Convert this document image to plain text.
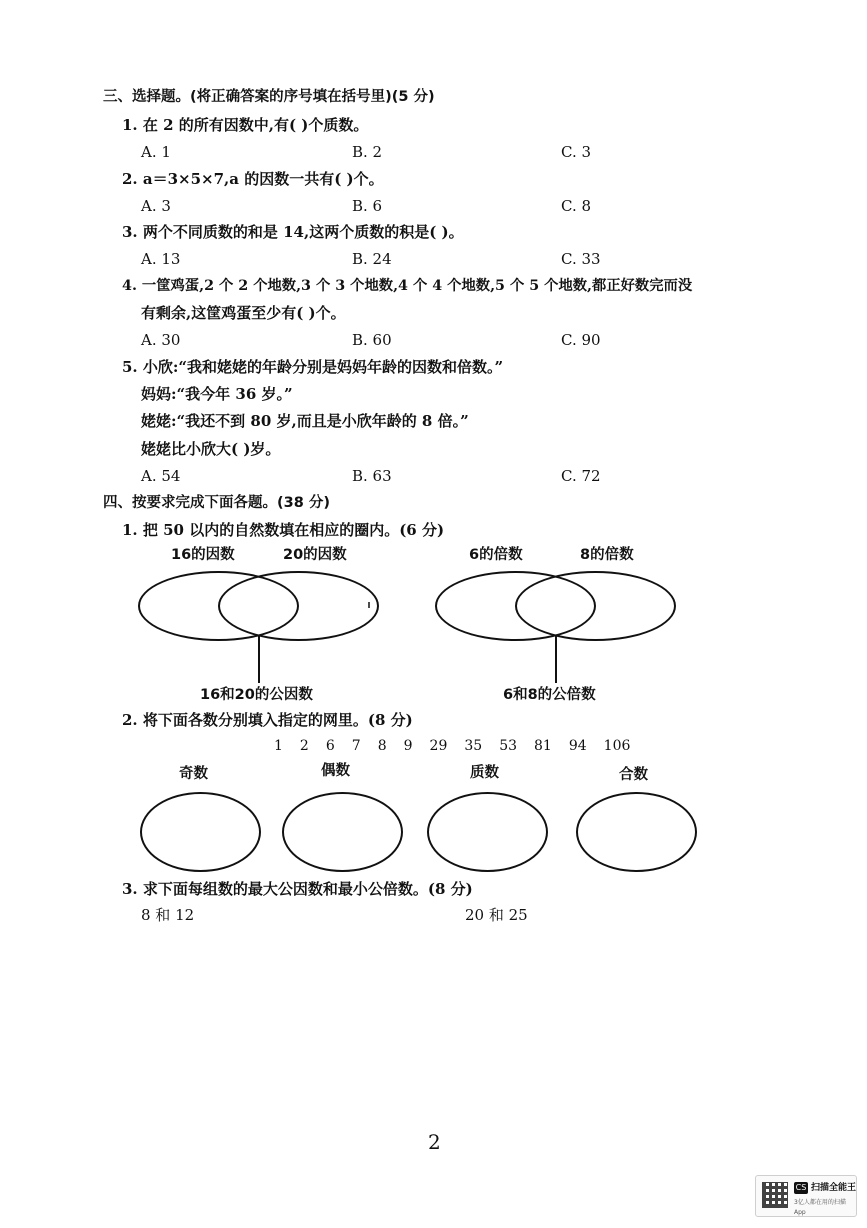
三、选择题。(将正确答案的序号填在括号里)(5 分)
1. 在 2 的所有因数中,有( )个质数。
A. 1	B. 2	C. 3
2. a＝3×5×7,a 的因数一共有( )个。
A. 3	B. 6	C. 8
3. 两个不同质数的和是 14,这两个质数的积是( )。
A. 13	B. 24	C. 33
4. 一筐鸡蛋,2 个 2 个地数,3 个 3 个地数,4 个 4 个地数,5 个 5 个地数,都正好数完而没
有剩余,这筐鸡蛋至少有( )个。
A. 30	B. 60	C. 90
5. 小欣:“我和姥姥的年龄分别是妈妈年龄的因数和倍数。”
妈妈:“我今年 36 岁。”
姥姥:“我还不到 80 岁,而且是小欣年龄的 8 倍。”
姥姥比小欣大( )岁。
A. 54	B. 63	C. 72
四、按要求完成下面各题。(38 分)
1. 把 50 以内的自然数填在相应的圈内。(6 分)
16的因数	20的因数
16和20的公因数
6的倍数	8的倍数
6和8的公倍数
2. 将下面各数分别填入指定的网里。(8 分)
1 2 6 7 8 9 29 35 53 81 94 106
奇数	偶数	质数	合数
3. 求下面每组数的最大公因数和最小公倍数。(8 分)
8 和 12	20 和 25
2
CS 扫描全能王
3亿人都在用的扫描App
